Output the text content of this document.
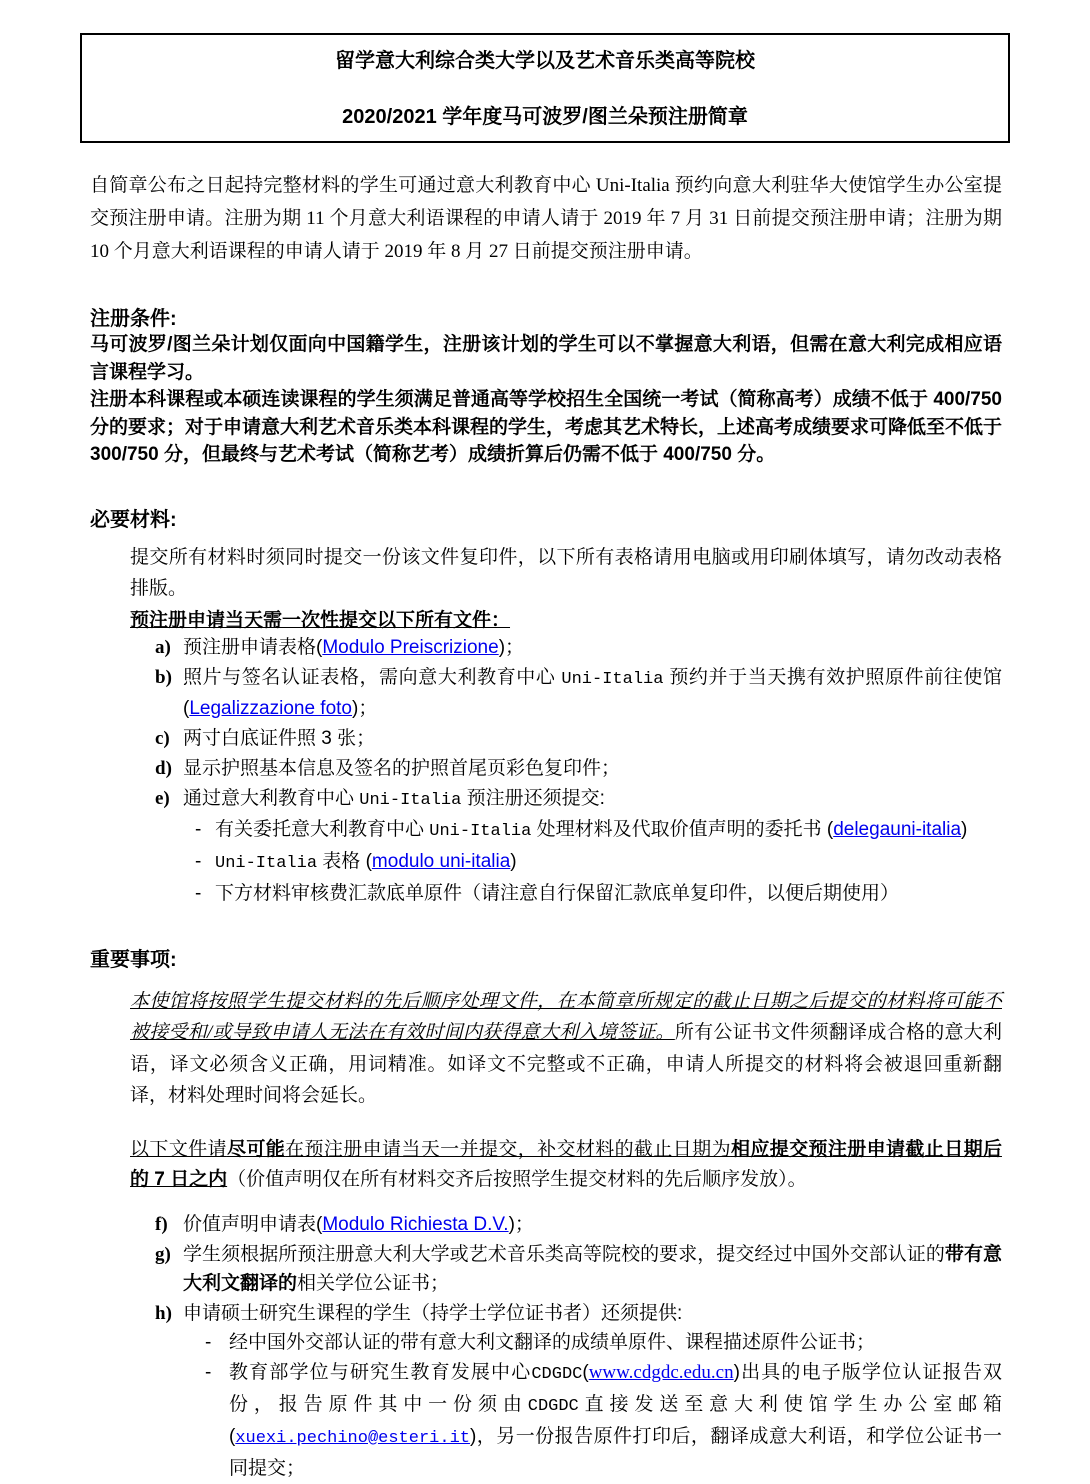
留学意大利综合类大学以及艺术音乐类高等院校
2020/2021 学年度马可波罗/图兰朵预注册简章

自简章公布之日起持完整材料的学生可通过意大利教育中心 Uni-Italia 预约向意大利驻华大使馆学生办公室提交预注册申请。注册为期 11 个月意大利语课程的申请人请于 2019 年 7 月 31 日前提交预注册申请；注册为期 10 个月意大利语课程的申请人请于 2019 年 8 月 27 日前提交预注册申请。

注册条件:

马可波罗/图兰朵计划仅面向中国籍学生，注册该计划的学生可以不掌握意大利语，但需在意大利完成相应语言课程学习。

注册本科课程或本硕连读课程的学生须满足普通高等学校招生全国统一考试（简称高考）成绩不低于 400/750 分的要求；对于申请意大利艺术音乐类本科课程的学生，考虑其艺术特长，上述高考成绩要求可降低至不低于 300/750 分，但最终与艺术考试（简称艺考）成绩折算后仍需不低于 400/750 分。

必要材料:

提交所有材料时须同时提交一份该文件复印件，以下所有表格请用电脑或用印刷体填写，请勿改动表格排版。

预注册申请当天需一次性提交以下所有文件：
a) 预注册申请表格(Modulo Preiscrizione)；
b) 照片与签名认证表格，需向意大利教育中心 Uni-Italia 预约并于当天携有效护照原件前往使馆(Legalizzazione foto)；
c) 两寸白底证件照 3 张；
d) 显示护照基本信息及签名的护照首尾页彩色复印件；
e) 通过意大利教育中心 Uni-Italia 预注册还须提交:
- 有关委托意大利教育中心 Uni-Italia 处理材料及代取价值声明的委托书 (delegauni-italia)
- Uni-Italia 表格 (modulo uni-italia)
- 下方材料审核费汇款底单原件（请注意自行保留汇款底单复印件，以便后期使用）
重要事项:

本使馆将按照学生提交材料的先后顺序处理文件，在本简章所规定的截止日期之后提交的材料将可能不被接受和/或导致申请人无法在有效时间内获得意大利入境签证。所有公证书文件须翻译成合格的意大利语，译文必须含义正确，用词精准。如译文不完整或不正确，申请人所提交的材料将会被退回重新翻译，材料处理时间将会延长。

以下文件请尽可能在预注册申请当天一并提交，补交材料的截止日期为相应提交预注册申请截止日期后的 7 日之内（价值声明仅在所有材料交齐后按照学生提交材料的先后顺序发放）。

f) 价值声明申请表(Modulo Richiesta D.V.)；
g) 学生须根据所预注册意大利大学或艺术音乐类高等院校的要求，提交经过中国外交部认证的带有意大利文翻译的相关学位公证书；
h) 申请硕士研究生课程的学生（持学士学位证书者）还须提供:
- 经中国外交部认证的带有意大利文翻译的成绩单原件、课程描述原件公证书；
- 教育部学位与研究生教育发展中心CDGDC(www.cdgdc.edu.cn)出具的电子版学位认证报告双份，报告原件其中一份须由CDGDC直接发送至意大利使馆学生办公室邮箱 (xuexi.pechino@esteri.it)，另一份报告原件打印后，翻译成意大利语，和学位公证书一同提交；
